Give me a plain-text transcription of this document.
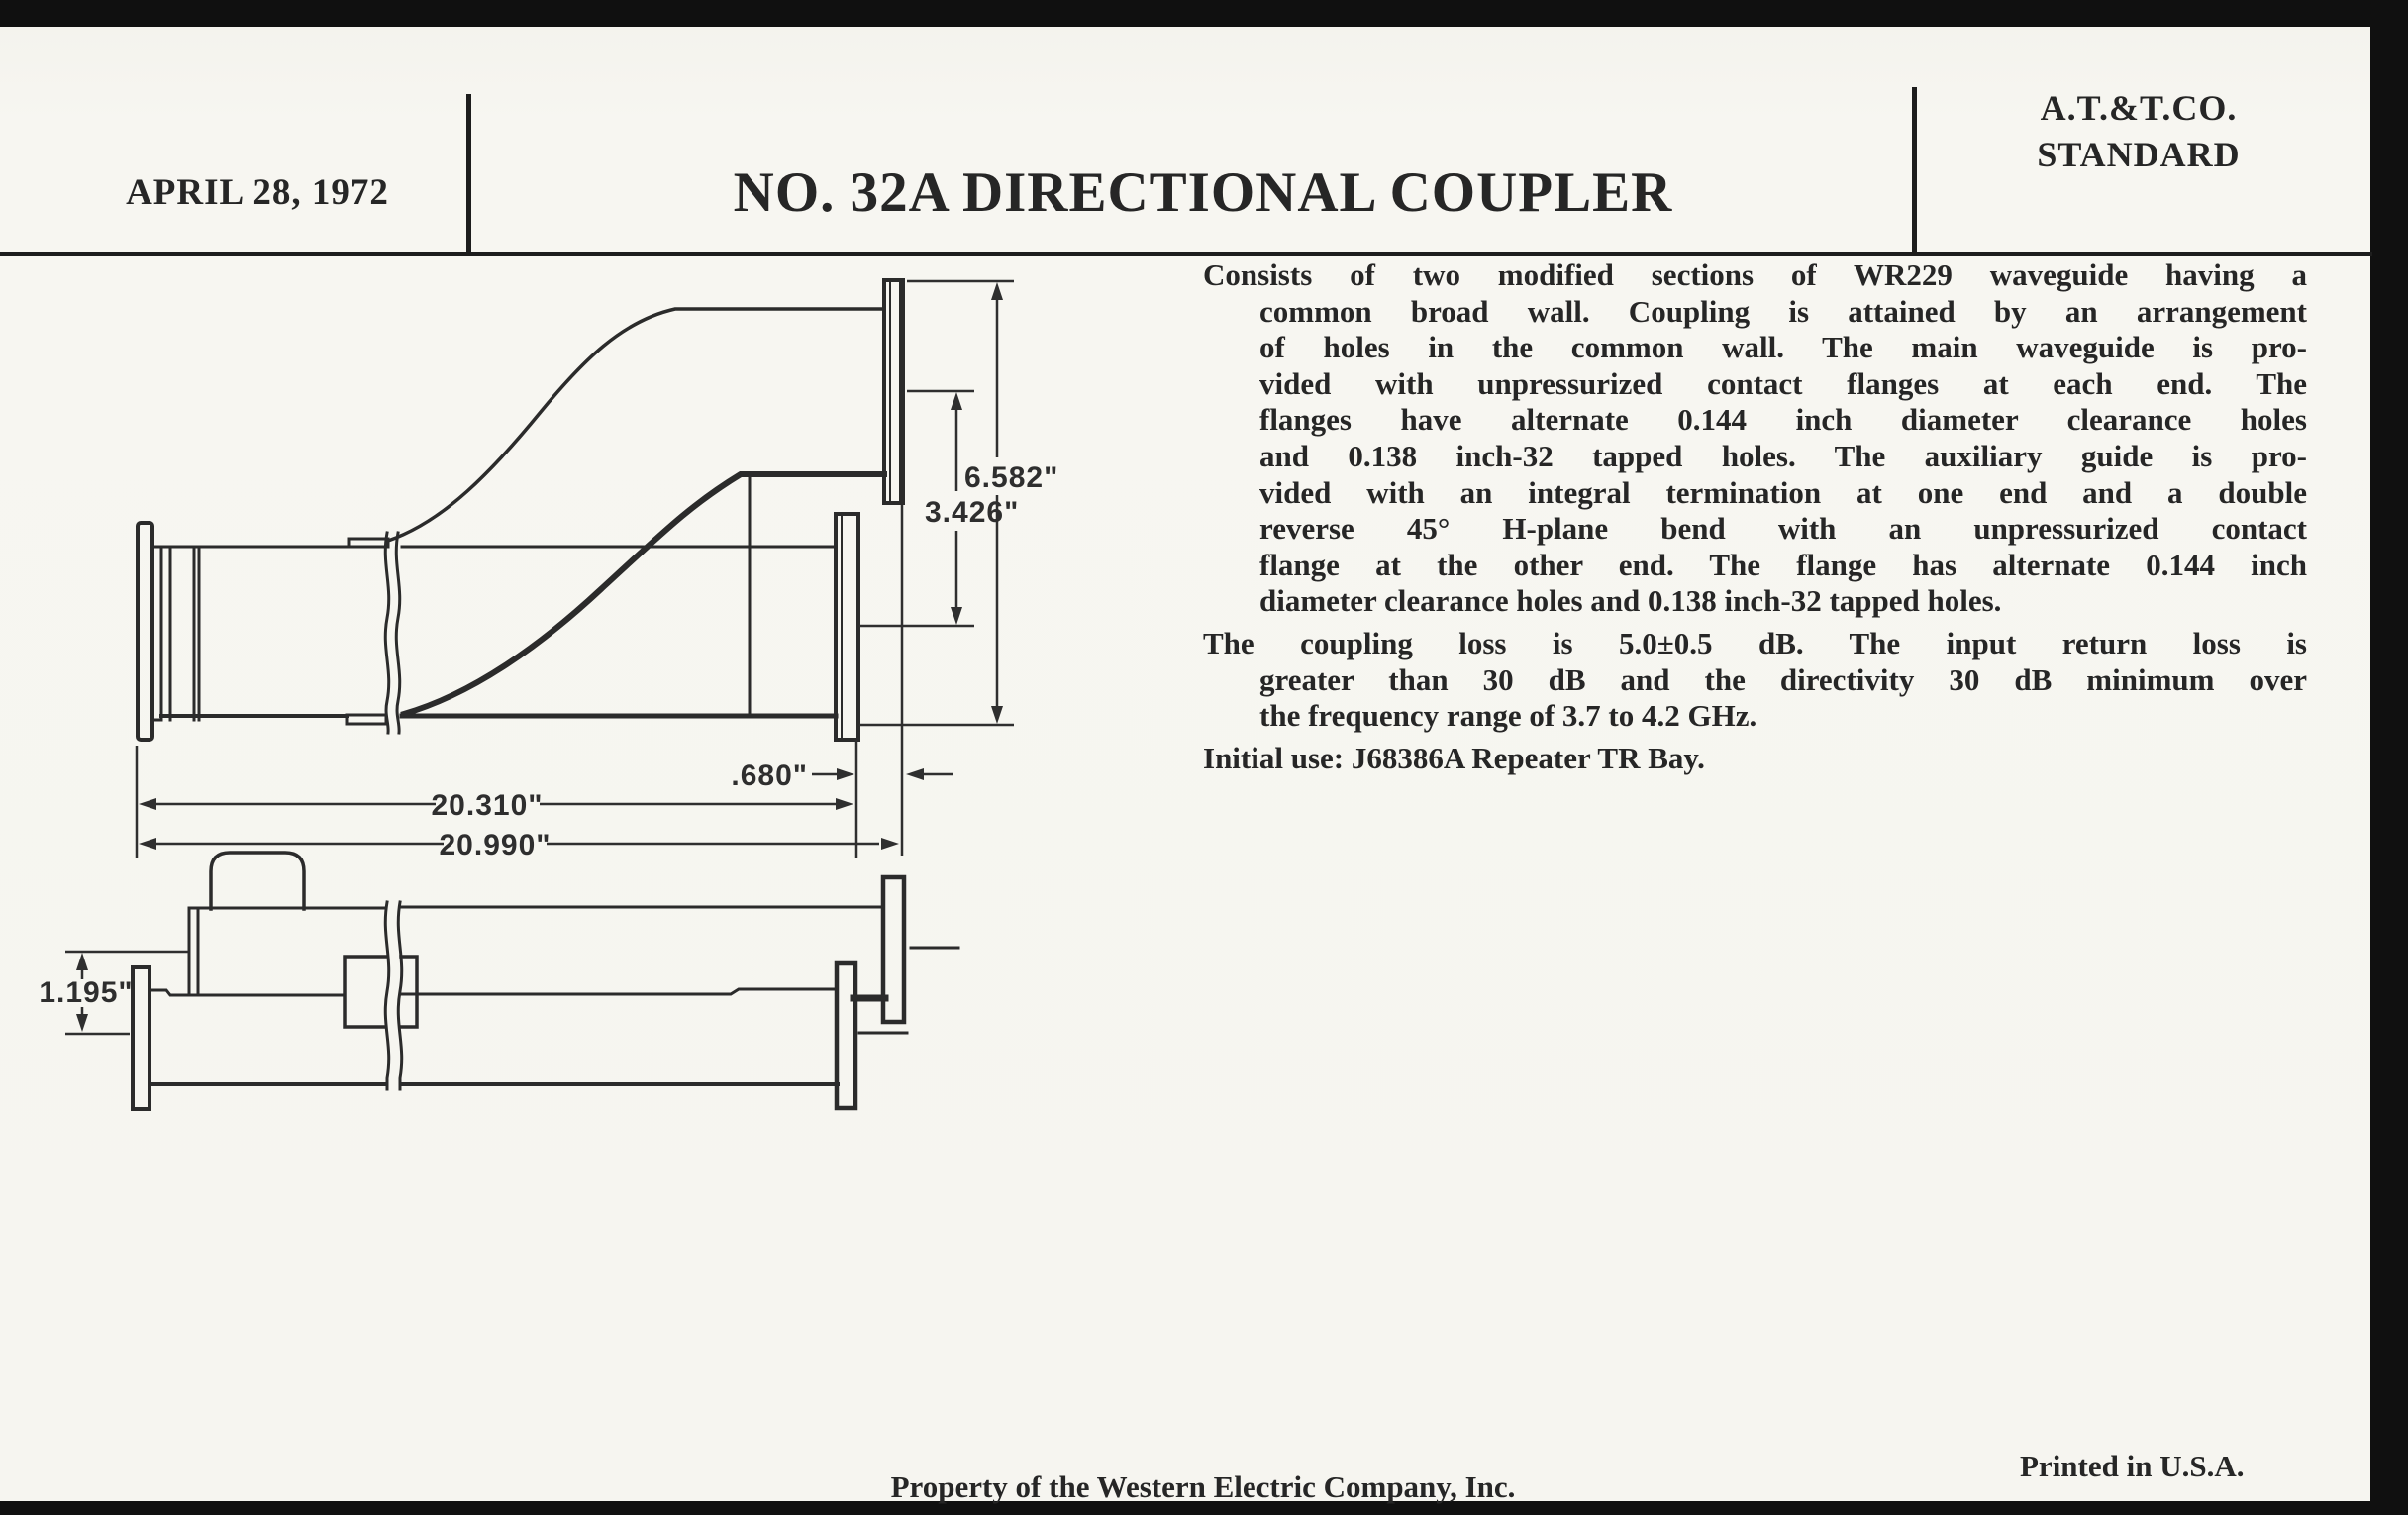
APRIL 28, 1972	NO. 32A DIRECTIONAL COUPLER
A.T.&T.CO.
STANDARD
Consists of two modified sections of WR229 waveguide having a
common broad wall. Coupling is attained by an arrangement
of holes in the common wall. The main waveguide is pro-
vided with unpressurized contact flanges at each end. The
flanges have alternate 0.144 inch diameter clearance holes
and 0.138 inch-32 tapped holes. The auxiliary guide is pro-
vided with an integral termination at one end and a double
reverse 45° H-plane bend with an unpressurized contact
flange at the other end. The flange has alternate 0.144 inch
diameter clearance holes and 0.138 inch-32 tapped holes.
The coupling loss is 5.0±0.5 dB. The input return loss is
greater than 30 dB and the directivity 30 dB minimum over
the frequency range of 3.7 to 4.2 GHz.
Initial use: J68386A Repeater TR Bay.
6.582"
3.426"
.680"
20.310"
20.990"
1.195"
Property of the Western Electric Company, Inc.
Printed in U.S.A.
